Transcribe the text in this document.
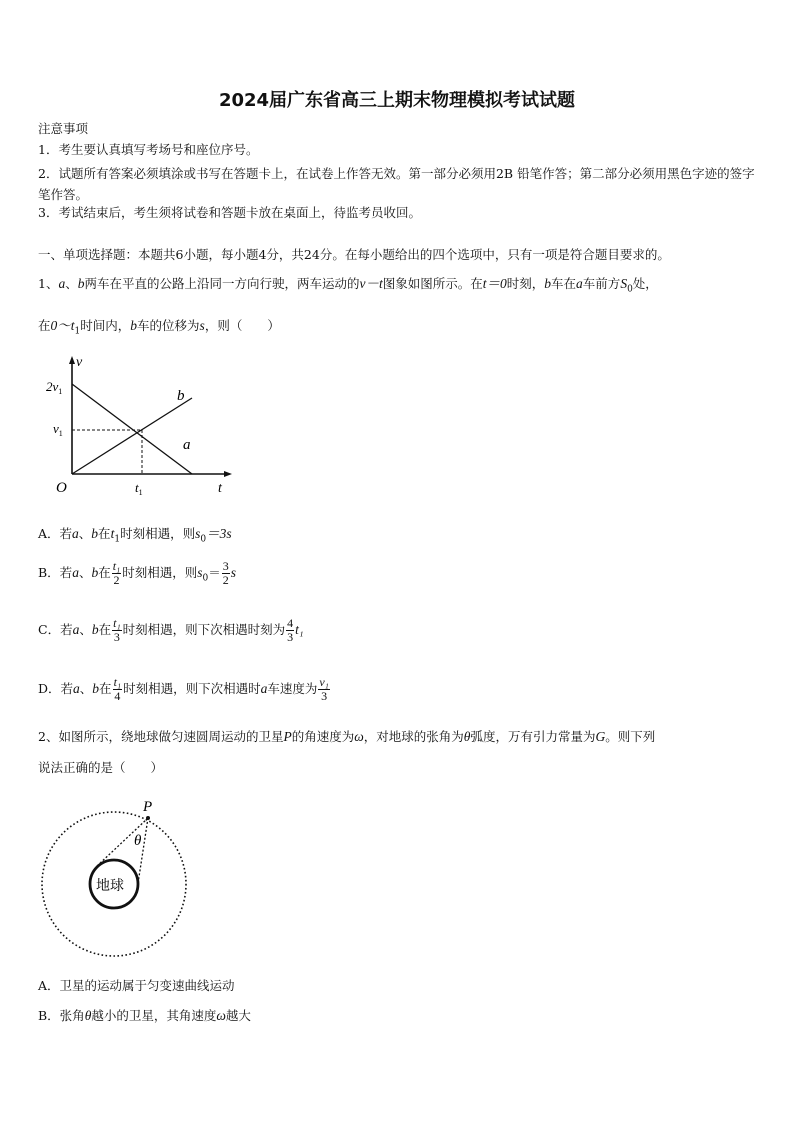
2024届广东省高三上期末物理模拟考试试题
注意事项
1．考生要认真填写考场号和座位序号。
2．试题所有答案必须填涂或书写在答题卡上，在试卷上作答无效。第一部分必须用2B 铅笔作答；第二部分必须用黑色字迹的签字笔作答。
3．考试结束后，考生须将试卷和答题卡放在桌面上，待监考员收回。
一、单项选择题：本题共6小题，每小题4分，共24分。在每小题给出的四个选项中，只有一项是符合题目要求的。
1、a、b两车在平直的公路上沿同一方向行驶，两车运动的v－t图象如图所示。在t＝0时刻，b车在a车前方$S_0$处，
在$0\sim t_1$时间内，b车的位移为s，则（　　）
v
t
O
$2v_1$
$v_1$
$t_1$
b
a
A．若a、b在$t_1$时刻相遇，则$s_0=3s$
B．若a、b在 $\frac{\text{t₁}}{2}$ 时刻相遇，则$s_0= \frac{3}{2}$ s
C．若a、b在 $\frac{\text{t₁}}{3}$ 时刻相遇，则下次相遇时刻为 $\frac{4}{3} t_1$
D．若a、b在 $\frac{\text{t₁}}{4}$ 时刻相遇，则下次相遇时a车速度为 $\frac{\text{v₁}}{3}$
2、如图所示，绕地球做匀速圆周运动的卫星P的角速度为ω，对地球的张角为θ弧度，万有引力常量为G。则下列
说法正确的是（　　）
P
θ
地球
A．卫星的运动属于匀变速曲线运动
B．张角θ越小的卫星，其角速度ω越大
